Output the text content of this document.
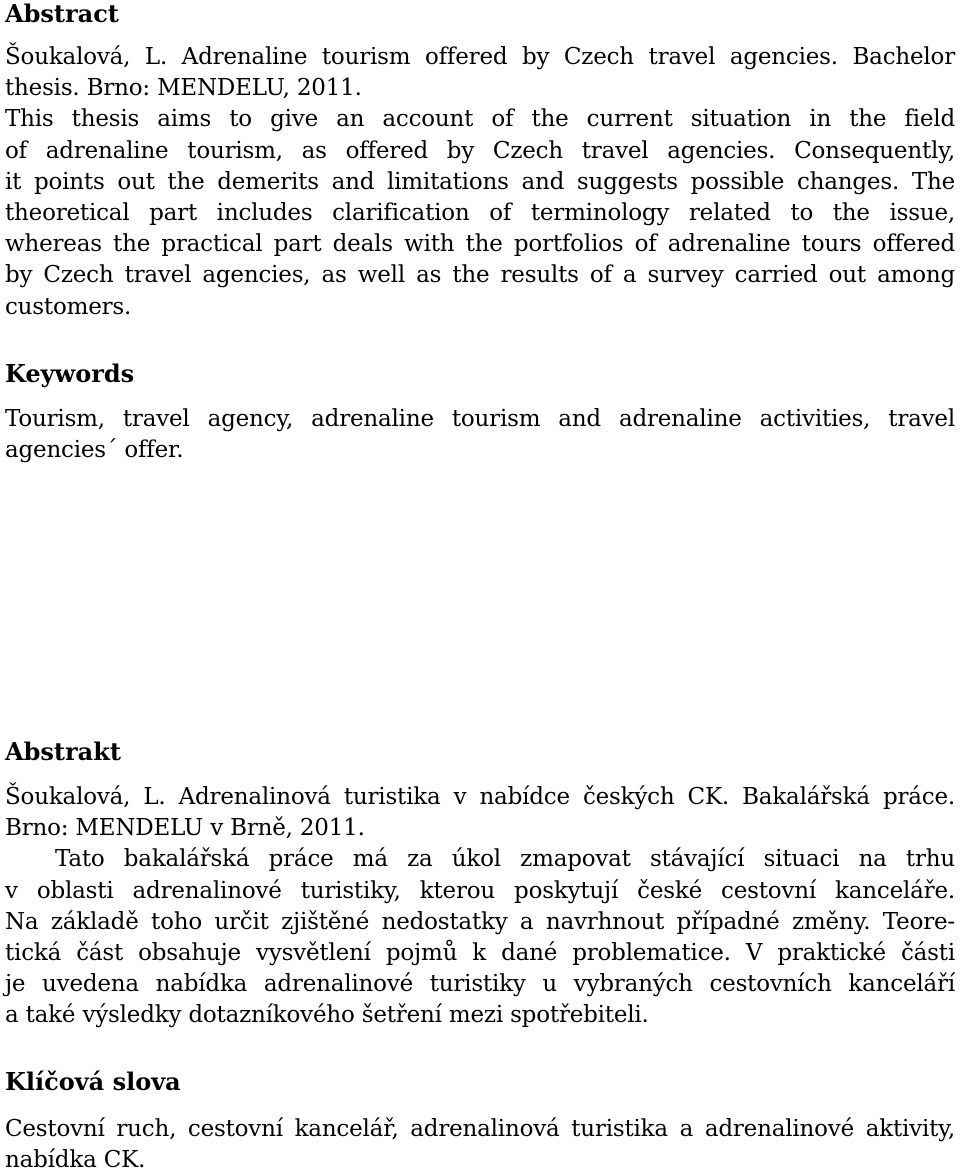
Abstract
Šoukalová, L. Adrenaline tourism offered by Czech travel agencies. Bachelor
thesis. Brno: MENDELU, 2011.
This thesis aims to give an account of the current situation in the field
of adrenaline tourism, as offered by Czech travel agencies. Consequently,
it points out the demerits and limitations and suggests possible changes. The
theoretical part includes clarification of terminology related to the issue,
whereas the practical part deals with the portfolios of adrenaline tours offered
by Czech travel agencies, as well as the results of a survey carried out among
customers.
Keywords
Tourism, travel agency, adrenaline tourism and adrenaline activities, travel
agencies´ offer.
Abstrakt
Šoukalová, L. Adrenalinová turistika v nabídce českých CK. Bakalářská práce.
Brno: MENDELU v Brně, 2011.
Tato bakalářská práce má za úkol zmapovat stávající situaci na trhu
v oblasti adrenalinové turistiky, kterou poskytují české cestovní kanceláře.
Na základě toho určit zjištěné nedostatky a navrhnout případné změny. Teore-
tická část obsahuje vysvětlení pojmů k dané problematice. V praktické části
je uvedena nabídka adrenalinové turistiky u vybraných cestovních kanceláří
a také výsledky dotazníkového šetření mezi spotřebiteli.
Klíčová slova
Cestovní ruch, cestovní kancelář, adrenalinová turistika a adrenalinové aktivity,
nabídka CK.
